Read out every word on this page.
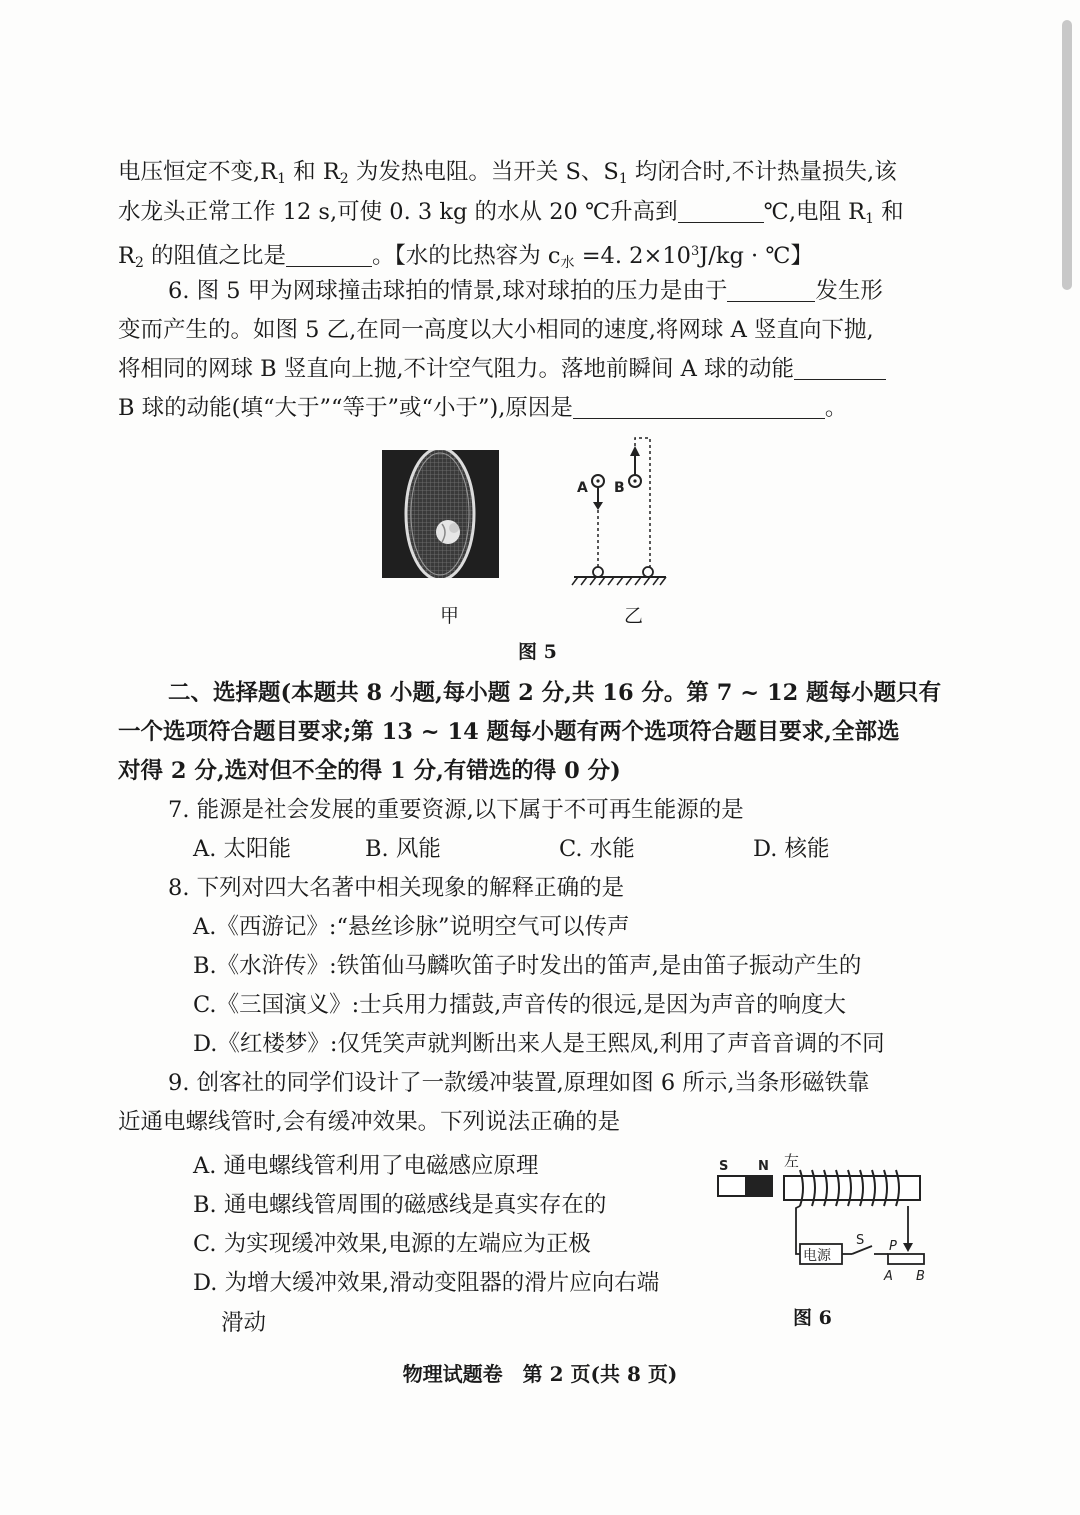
电压恒定不变$,R_1$ 和 $R_2$ 为发热电阻。当开关 S、$S_1$ 均闭合时,不计热量损失,该
水龙头正常工作 12 s,可使 0. 3 kg 的水从 20 ℃升高到	℃,电阻 $R_1$ 和
$R_2$ 的阻值之比是	。【水的比热容为 $c_水 =4$. $2\times 10^3J/kg$ · ℃】
6. 图 5 甲为网球撞击球拍的情景,球对球拍的压力是由于	发生形
变而产生的。如图 5 乙,在同一高度以大小相同的速度,将网球 A 竖直向下抛,
将相同的网球 B 竖直向上抛,不计空气阻力。落地前瞬间 A 球的动能
B 球的动能(填“大于”“等于”或“小于”),原因是	。
A B
甲	乙
图 5
二、选择题(本题共 8 小题,每小题 2 分,共 16 分。第 7 ~ 12 题每小题只有
一个选项符合题目要求;第 13 ~ 14 题每小题有两个选项符合题目要求,全部选
对得 2 分,选对但不全的得 1 分,有错选的得 0 分)
7. 能源是社会发展的重要资源,以下属于不可再生能源的是
A. 太阳能	B. 风能	C. 水能	D. 核能
8. 下列对四大名著中相关现象的解释正确的是
A.《西游记》:“悬丝诊脉”说明空气可以传声
B.《水浒传》:铁笛仙马麟吹笛子时发出的笛声,是由笛子振动产生的
C.《三国演义》:士兵用力擂鼓,声音传的很远,是因为声音的响度大
D.《红楼梦》:仅凭笑声就判断出来人是王熙凤,利用了声音音调的不同
9. 创客社的同学们设计了一款缓冲装置,原理如图 6 所示,当条形磁铁靠
近通电螺线管时,会有缓冲效果。下列说法正确的是
A. 通电螺线管利用了电磁感应原理
B. 通电螺线管周围的磁感线是真实存在的
C. 为实现缓冲效果,电源的左端应为正极
D. 为增大缓冲效果,滑动变阻器的滑片应向右端
滑动
S N 左
电源
S P
A B
图 6
物理试题卷　第 2 页(共 8 页)
